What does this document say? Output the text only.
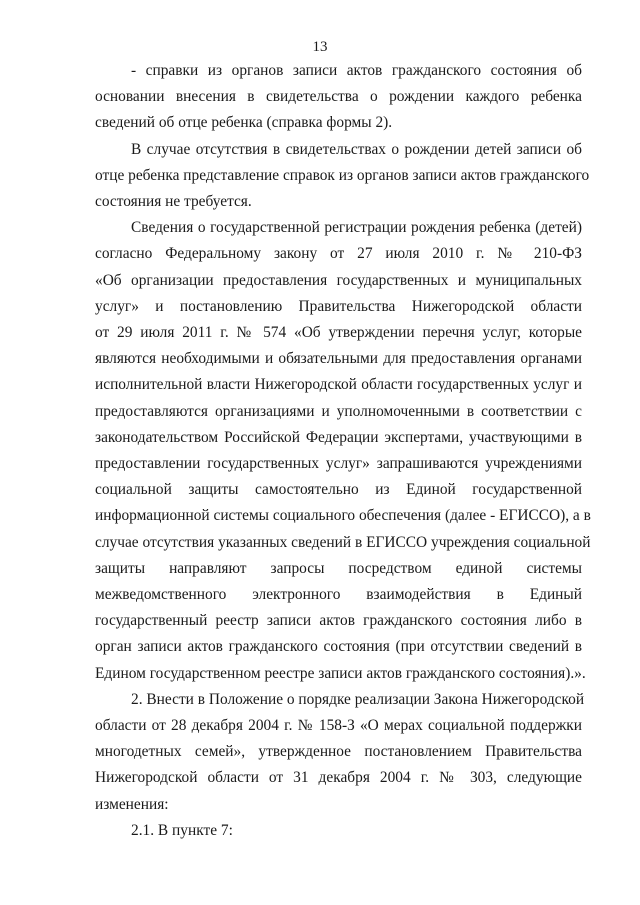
13

- справки из органов записи актов гражданского состояния об
основании внесения в свидетельства о рождении каждого ребенка
сведений об отце ребенка (справка формы 2).

В случае отсутствия в свидетельствах о рождении детей записи об
отце ребенка представление справок из органов записи актов гражданского
состояния не требуется.

Сведения о государственной регистрации рождения ребенка (детей)
согласно Федеральному закону от 27 июля 2010 г. № 210-ФЗ
«Об организации предоставления государственных и муниципальных
услуг» и постановлению Правительства Нижегородской области
от 29 июля 2011 г. № 574 «Об утверждении перечня услуг, которые
являются необходимыми и обязательными для предоставления органами
исполнительной власти Нижегородской области государственных услуг и
предоставляются организациями и уполномоченными в соответствии с
законодательством Российской Федерации экспертами, участвующими в
предоставлении государственных услуг» запрашиваются учреждениями
социальной защиты самостоятельно из Единой государственной
информационной системы социального обеспечения (далее - ЕГИССО), а в
случае отсутствия указанных сведений в ЕГИССО учреждения социальной
защиты направляют запросы посредством единой системы
межведомственного электронного взаимодействия в Единый
государственный реестр записи актов гражданского состояния либо в
орган записи актов гражданского состояния (при отсутствии сведений в
Едином государственном реестре записи актов гражданского состояния).».

2. Внести в Положение о порядке реализации Закона Нижегородской
области от 28 декабря 2004 г. № 158-З «О мерах социальной поддержки
многодетных семей», утвержденное постановлением Правительства
Нижегородской области от 31 декабря 2004 г. № 303, следующие
изменения:

2.1. В пункте 7:
